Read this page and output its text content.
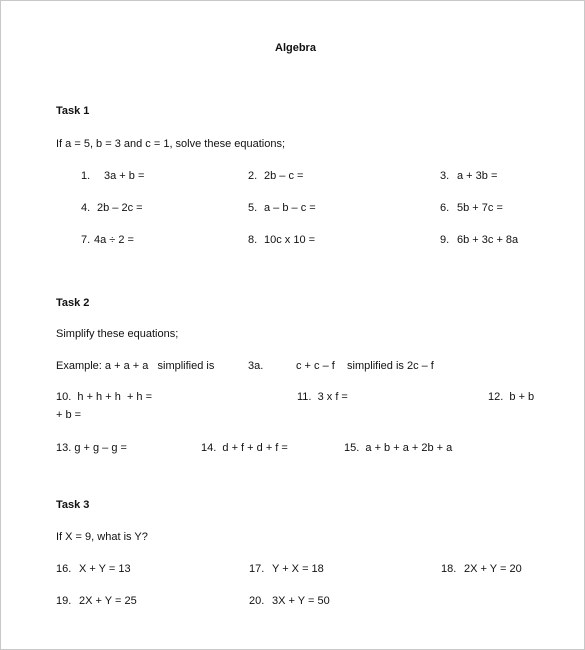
Algebra
Task 1
If a = 5, b = 3 and c = 1, solve these equations;
1. 3a + b =	2. 2b – c =	3. a + 3b =
4. 2b – 2c =	5. a – b – c =	6. 5b + 7c =
7. 4a ÷ 2 =	8. 10c x 10 =	9. 6b + 3c + 8a
Task 2
Simplify these equations;
Example: a + a + a   simplified is	3a.	c + c – f    simplified is 2c – f
10.  h + h + h  + h =	11.  3 x f =	12.  b + b
+ b =
13. g + g – g =	14.  d + f + d + f =	15.  a + b + a + 2b + a
Task 3
If X = 9, what is Y?
16. X + Y = 13	17. Y + X = 18	18. 2X + Y = 20
19. 2X + Y = 25	20. 3X + Y = 50
